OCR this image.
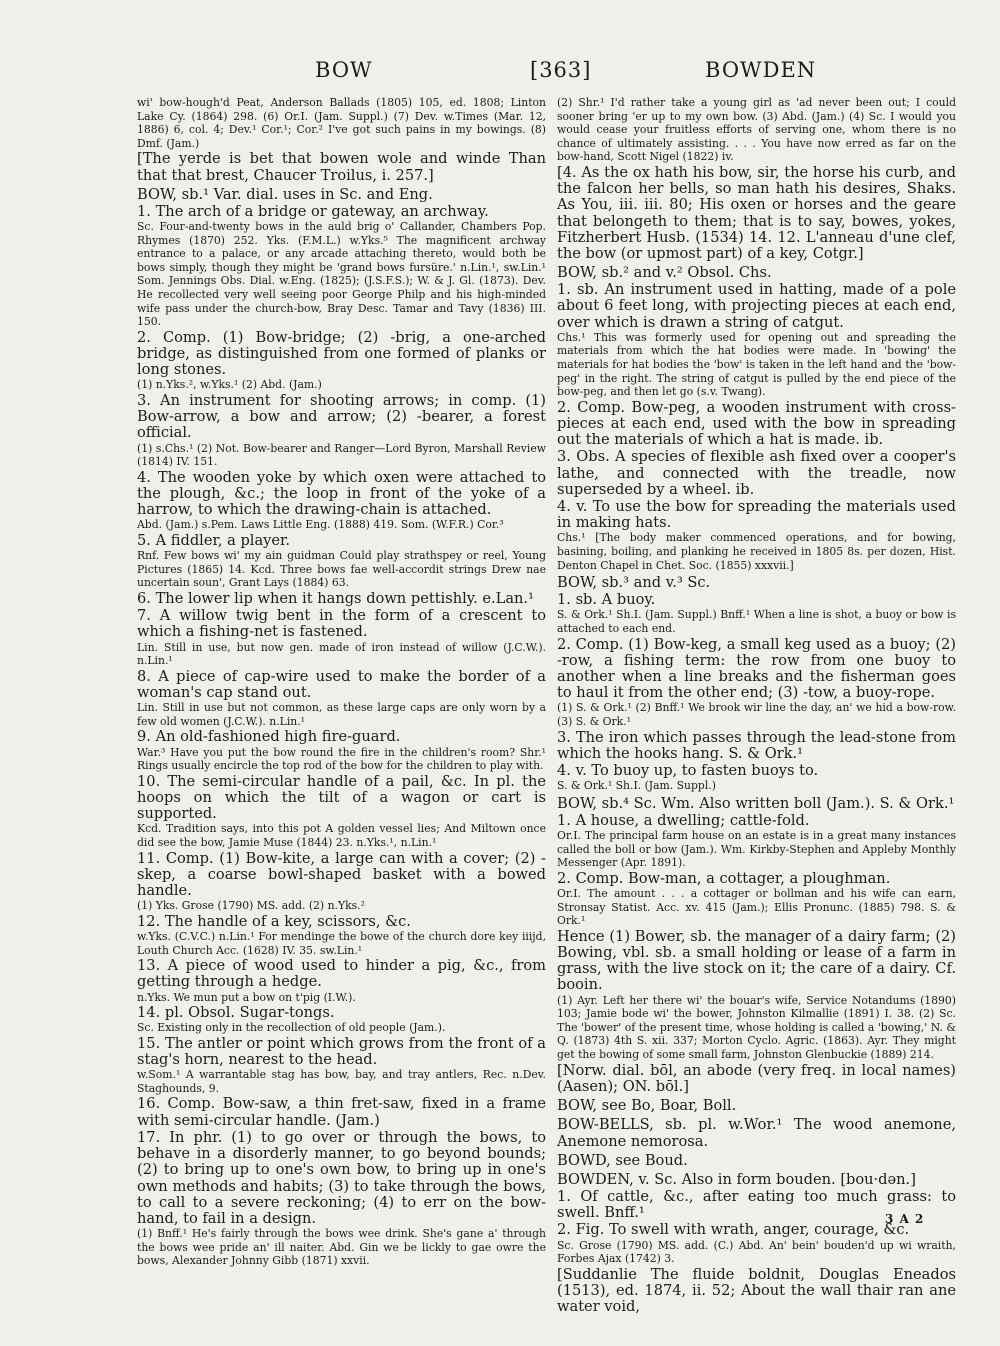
BOW	[363]	BOWDEN

wi' bow-hough'd Peat, Anderson Ballads (1805) 105, ed. 1808; Linton Lake Cy. (1864) 298. (6) Or.I. (Jam. Suppl.) (7) Dev. w.Times (Mar. 12, 1886) 6, col. 4; Dev.¹ Cor.¹; Cor.² I've got such pains in my bowings. (8) Dmf. (Jam.)

[The yerde is bet that bowen wole and winde Than that that brest, Chaucer Troilus, i. 257.]

BOW, sb.¹ Var. dial. uses in Sc. and Eng.

1. The arch of a bridge or gateway, an archway.

Sc. Four-and-twenty bows in the auld brig o' Callander, Chambers Pop. Rhymes (1870) 252. Yks. (F.M.L.) w.Yks.⁵ The magnificent archway entrance to a palace, or any arcade attaching thereto, would both be bows simply, though they might be 'grand bows fursüre.' n.Lin.¹, sw.Lin.¹ Som. Jennings Obs. Dial. w.Eng. (1825); (J.S.F.S.); W. & J. Gl. (1873). Dev. He recollected very well seeing poor George Philp and his high-minded wife pass under the church-bow, Bray Desc. Tamar and Tavy (1836) III. 150.

2. Comp. (1) Bow-bridge; (2) -brig, a one-arched bridge, as distinguished from one formed of planks or long stones.

(1) n.Yks.², w.Yks.¹ (2) Abd. (Jam.)

3. An instrument for shooting arrows; in comp. (1) Bow-arrow, a bow and arrow; (2) -bearer, a forest official.

(1) s.Chs.¹ (2) Not. Bow-bearer and Ranger—Lord Byron, Marshall Review (1814) IV. 151.

4. The wooden yoke by which oxen were attached to the plough, &c.; the loop in front of the yoke of a harrow, to which the drawing-chain is attached.

Abd. (Jam.) s.Pem. Laws Little Eng. (1888) 419. Som. (W.F.R.) Cor.³

5. A fiddler, a player.

Rnf. Few bows wi' my ain guidman Could play strathspey or reel, Young Pictures (1865) 14. Kcd. Three bows fae well-accordit strings Drew nae uncertain soun', Grant Lays (1884) 63.

6. The lower lip when it hangs down pettishly. e.Lan.¹

7. A willow twig bent in the form of a crescent to which a fishing-net is fastened.

Lin. Still in use, but now gen. made of iron instead of willow (J.C.W.). n.Lin.¹

8. A piece of cap-wire used to make the border of a woman's cap stand out.

Lin. Still in use but not common, as these large caps are only worn by a few old women (J.C.W.). n.Lin.¹

9. An old-fashioned high fire-guard.

War.³ Have you put the bow round the fire in the children's room? Shr.¹ Rings usually encircle the top rod of the bow for the children to play with.

10. The semi-circular handle of a pail, &c. In pl. the hoops on which the tilt of a wagon or cart is supported.

Kcd. Tradition says, into this pot A golden vessel lies; And Miltown once did see the bow, Jamie Muse (1844) 23. n.Yks.¹, n.Lin.¹

11. Comp. (1) Bow-kite, a large can with a cover; (2) -skep, a coarse bowl-shaped basket with a bowed handle.

(1) Yks. Grose (1790) MS. add. (2) n.Yks.²

12. The handle of a key, scissors, &c.

w.Yks. (C.V.C.) n.Lin.¹ For mendinge the bowe of the church dore key iiijd, Louth Church Acc. (1628) IV. 35. sw.Lin.¹

13. A piece of wood used to hinder a pig, &c., from getting through a hedge.

n.Yks. We mun put a bow on t'pig (I.W.).

14. pl. Obsol. Sugar-tongs.

Sc. Existing only in the recollection of old people (Jam.).

15. The antler or point which grows from the front of a stag's horn, nearest to the head.

w.Som.¹ A warrantable stag has bow, bay, and tray antlers, Rec. n.Dev. Staghounds, 9.

16. Comp. Bow-saw, a thin fret-saw, fixed in a frame with semi-circular handle. (Jam.)

17. In phr. (1) to go over or through the bows, to behave in a disorderly manner, to go beyond bounds; (2) to bring up to one's own bow, to bring up in one's own methods and habits; (3) to take through the bows, to call to a severe reckoning; (4) to err on the bow-hand, to fail in a design.

(1) Bnff.¹ He's fairly through the bows wee drink. She's gane a' through the bows wee pride an' ill naiter. Abd. Gin we be lickly to gae owre the bows, Alexander Johnny Gibb (1871) xxvii.

(2) Shr.¹ I'd rather take a young girl as 'ad never been out; I could sooner bring 'er up to my own bow. (3) Abd. (Jam.) (4) Sc. I would you would cease your fruitless efforts of serving one, whom there is no chance of ultimately assisting. . . . You have now erred as far on the bow-hand, Scott Nigel (1822) iv.

[4. As the ox hath his bow, sir, the horse his curb, and the falcon her bells, so man hath his desires, Shaks. As You, iii. iii. 80; His oxen or horses and the geare that belongeth to them; that is to say, bowes, yokes, Fitzherbert Husb. (1534) 14. 12. L'anneau d'une clef, the bow (or upmost part) of a key, Cotgr.]

BOW, sb.² and v.² Obsol. Chs.

1. sb. An instrument used in hatting, made of a pole about 6 feet long, with projecting pieces at each end, over which is drawn a string of catgut.

Chs.¹ This was formerly used for opening out and spreading the materials from which the hat bodies were made. In 'bowing' the materials for hat bodies the 'bow' is taken in the left hand and the 'bow-peg' in the right. The string of catgut is pulled by the end piece of the bow-peg, and then let go (s.v. Twang).

2. Comp. Bow-peg, a wooden instrument with cross-pieces at each end, used with the bow in spreading out the materials of which a hat is made. ib.

3. Obs. A species of flexible ash fixed over a cooper's lathe, and connected with the treadle, now superseded by a wheel. ib.

4. v. To use the bow for spreading the materials used in making hats.

Chs.¹ [The body maker commenced operations, and for bowing, basining, boiling, and planking he received in 1805 8s. per dozen, Hist. Denton Chapel in Chet. Soc. (1855) xxxvii.]

BOW, sb.³ and v.³ Sc.

1. sb. A buoy.

S. & Ork.¹ Sh.I. (Jam. Suppl.) Bnff.¹ When a line is shot, a buoy or bow is attached to each end.

2. Comp. (1) Bow-keg, a small keg used as a buoy; (2) -row, a fishing term: the row from one buoy to another when a line breaks and the fisherman goes to haul it from the other end; (3) -tow, a buoy-rope.

(1) S. & Ork.¹ (2) Bnff.¹ We brook wir line the day, an' we hid a bow-row. (3) S. & Ork.¹

3. The iron which passes through the lead-stone from which the hooks hang. S. & Ork.¹

4. v. To buoy up, to fasten buoys to.

S. & Ork.¹ Sh.I. (Jam. Suppl.)

BOW, sb.⁴ Sc. Wm. Also written boll (Jam.). S. & Ork.¹

1. A house, a dwelling; cattle-fold.

Or.I. The principal farm house on an estate is in a great many instances called the boll or bow (Jam.). Wm. Kirkby-Stephen and Appleby Monthly Messenger (Apr. 1891).

2. Comp. Bow-man, a cottager, a ploughman.

Or.I. The amount . . . a cottager or bollman and his wife can earn, Stronsay Statist. Acc. xv. 415 (Jam.); Ellis Pronunc. (1885) 798. S. & Ork.¹

Hence (1) Bower, sb. the manager of a dairy farm; (2) Bowing, vbl. sb. a small holding or lease of a farm in grass, with the live stock on it; the care of a dairy. Cf. booin.

(1) Ayr. Left her there wi' the bouar's wife, Service Notandums (1890) 103; Jamie bode wi' the bower, Johnston Kilmallie (1891) I. 38. (2) Sc. The 'bower' of the present time, whose holding is called a 'bowing,' N. & Q. (1873) 4th S. xii. 337; Morton Cyclo. Agric. (1863). Ayr. They might get the bowing of some small farm, Johnston Glenbuckie (1889) 214.

[Norw. dial. bōl, an abode (very freq. in local names) (Aasen); ON. bōl.]

BOW, see Bo, Boar, Boll.

BOW-BELLS, sb. pl. w.Wor.¹ The wood anemone, Anemone nemorosa.

BOWD, see Boud.

BOWDEN, v. Sc. Also in form bouden. [bou·dən.]

1. Of cattle, &c., after eating too much grass: to swell. Bnff.¹

2. Fig. To swell with wrath, anger, courage, &c.

Sc. Grose (1790) MS. add. (C.) Abd. An' bein' bouden'd up wi wraith, Forbes Ajax (1742) 3.

[Suddanlie The fluide boldnit, Douglas Eneados (1513), ed. 1874, ii. 52; About the wall thair ran ane water void,

3 A 2
